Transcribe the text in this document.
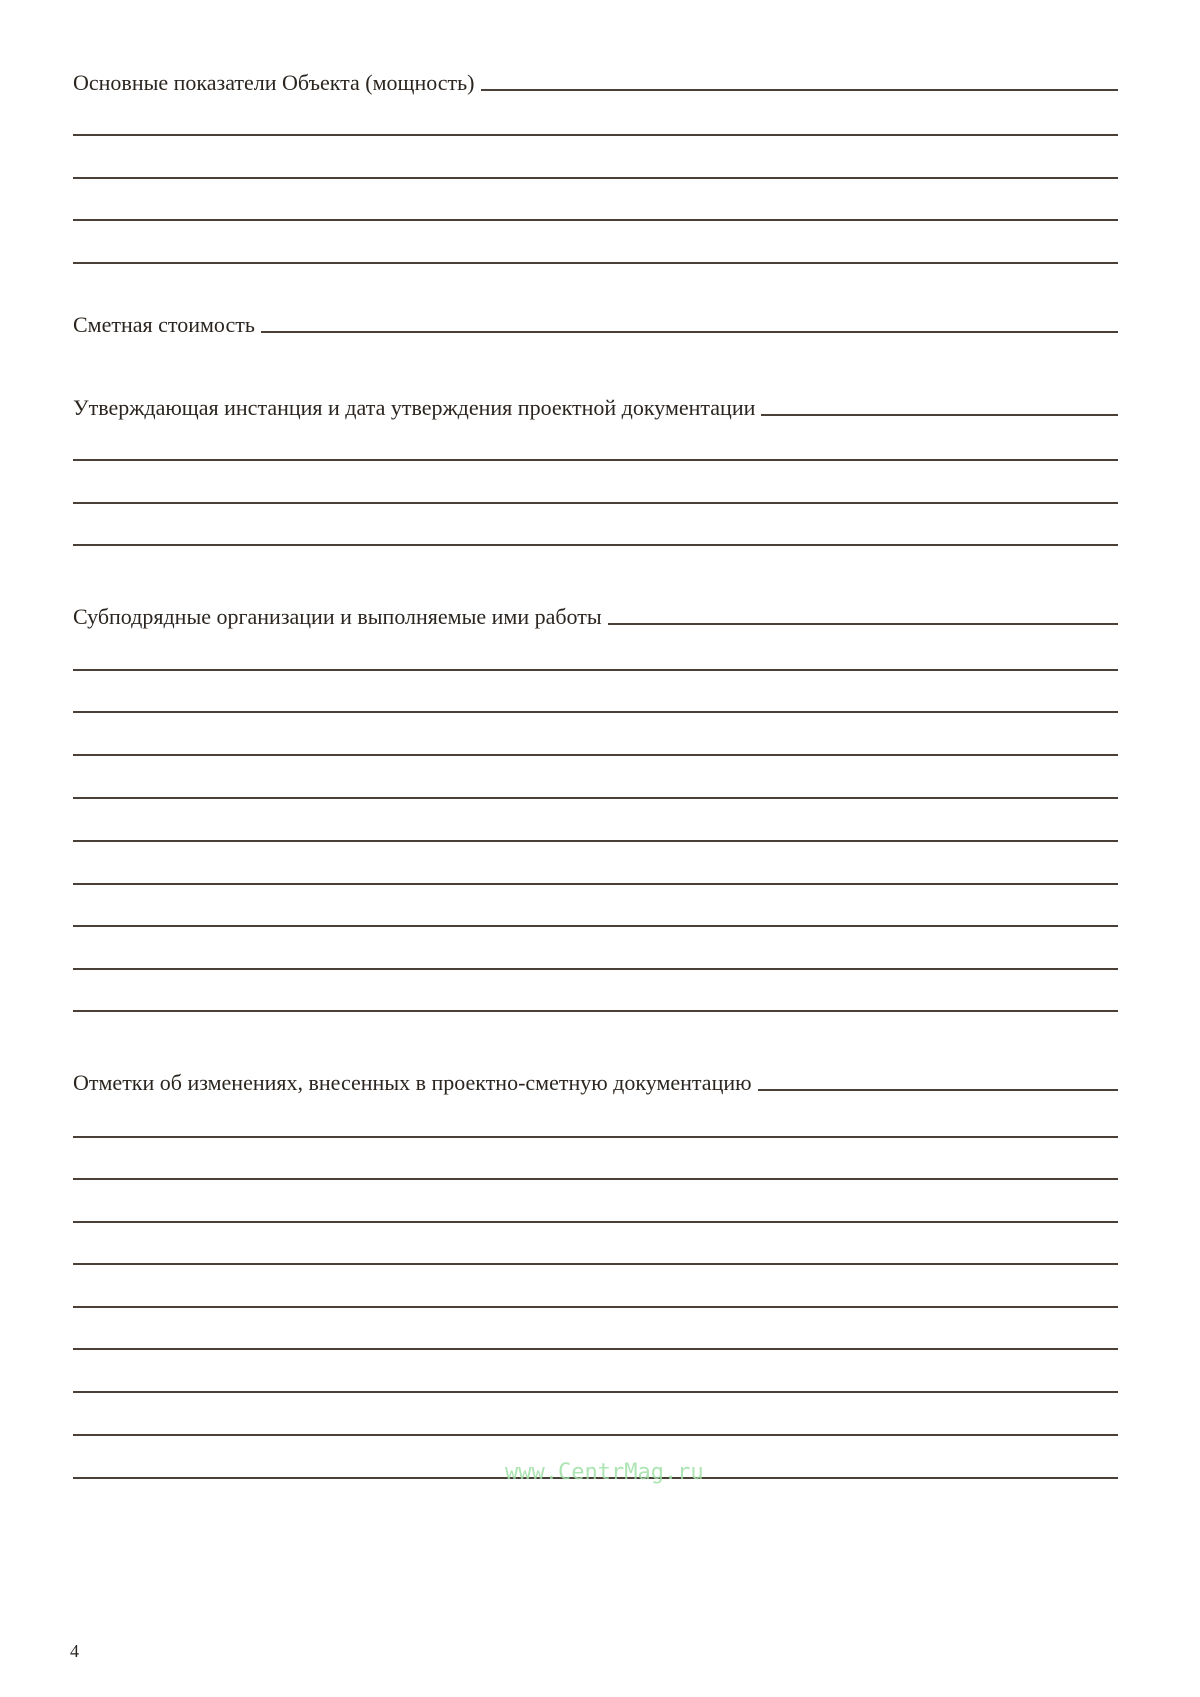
Основные показатели Объекта (мощность)
Сметная стоимость
Утверждающая инстанция и дата утверждения проектной документации
Субподрядные организации и выполняемые ими работы
Отметки об изменениях, внесенных в проектно-сметную документацию
www.CentrMag.ru
4
